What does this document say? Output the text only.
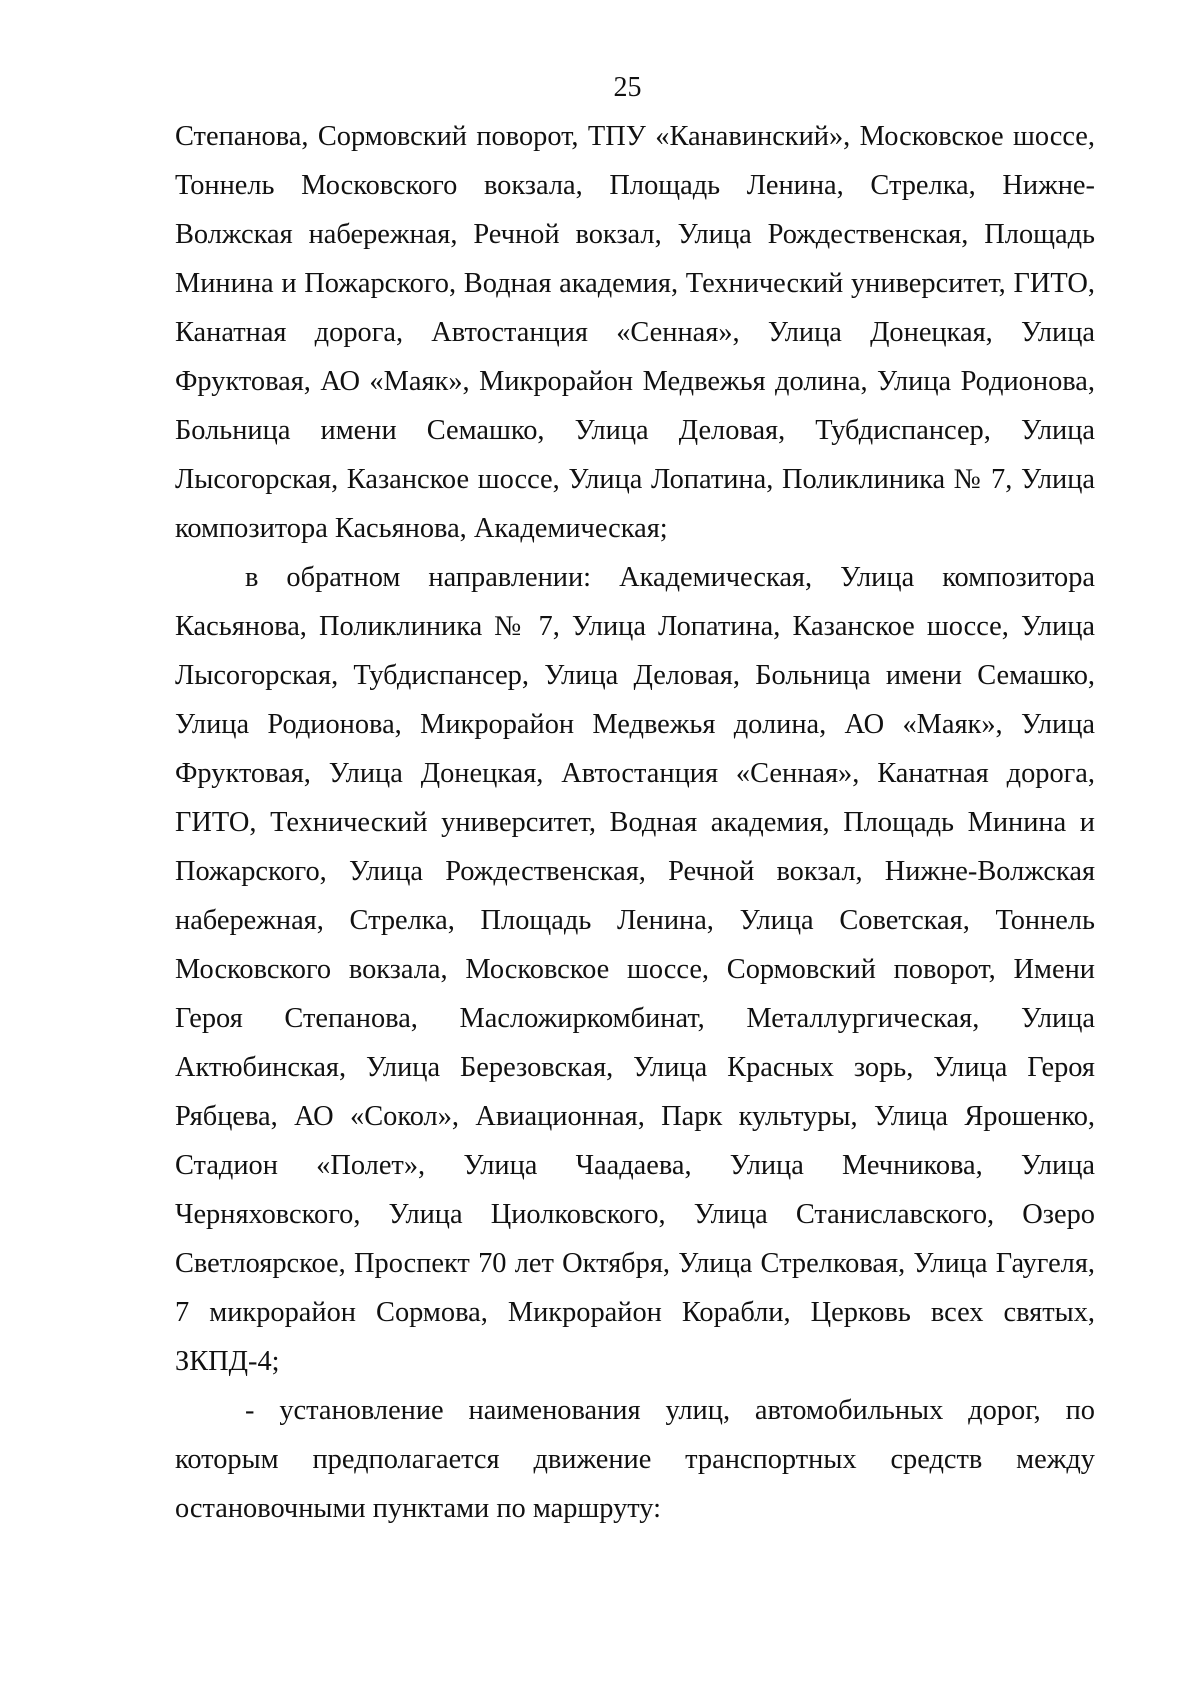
25

Степанова, Сормовский поворот, ТПУ «Канавинский», Московское шоссе, Тоннель Московского вокзала, Площадь Ленина, Стрелка, Нижне-Волжская набережная, Речной вокзал, Улица Рождественская, Площадь Минина и Пожарского, Водная академия, Технический университет, ГИТО, Канатная дорога, Автостанция «Сенная», Улица Донецкая, Улица Фруктовая, АО «Маяк», Микрорайон Медвежья долина, Улица Родионова, Больница имени Семашко, Улица Деловая, Тубдиспансер, Улица Лысогорская, Казанское шоссе, Улица Лопатина, Поликлиника № 7, Улица композитора Касьянова, Академическая;

в обратном направлении: Академическая, Улица композитора Касьянова, Поликлиника № 7, Улица Лопатина, Казанское шоссе, Улица Лысогорская, Тубдиспансер, Улица Деловая, Больница имени Семашко, Улица Родионова, Микрорайон Медвежья долина, АО «Маяк», Улица Фруктовая, Улица Донецкая, Автостанция «Сенная», Канатная дорога, ГИТО, Технический университет, Водная академия, Площадь Минина и Пожарского, Улица Рождественская, Речной вокзал, Нижне-Волжская набережная, Стрелка, Площадь Ленина, Улица Советская, Тоннель Московского вокзала, Московское шоссе, Сормовский поворот, Имени Героя Степанова, Масложиркомбинат, Металлургическая, Улица Актюбинская, Улица Березовская, Улица Красных зорь, Улица Героя Рябцева, АО «Сокол», Авиационная, Парк культуры, Улица Ярошенко, Стадион «Полет», Улица Чаадаева, Улица Мечникова, Улица Черняховского, Улица Циолковского, Улица Станиславского, Озеро Светлоярское, Проспект 70 лет Октября, Улица Стрелковая, Улица Гаугеля, 7 микрорайон Сормова, Микрорайон Корабли, Церковь всех святых, ЗКПД-4;

- установление наименования улиц, автомобильных дорог, по которым предполагается движение транспортных средств между остановочными пунктами по маршруту:
